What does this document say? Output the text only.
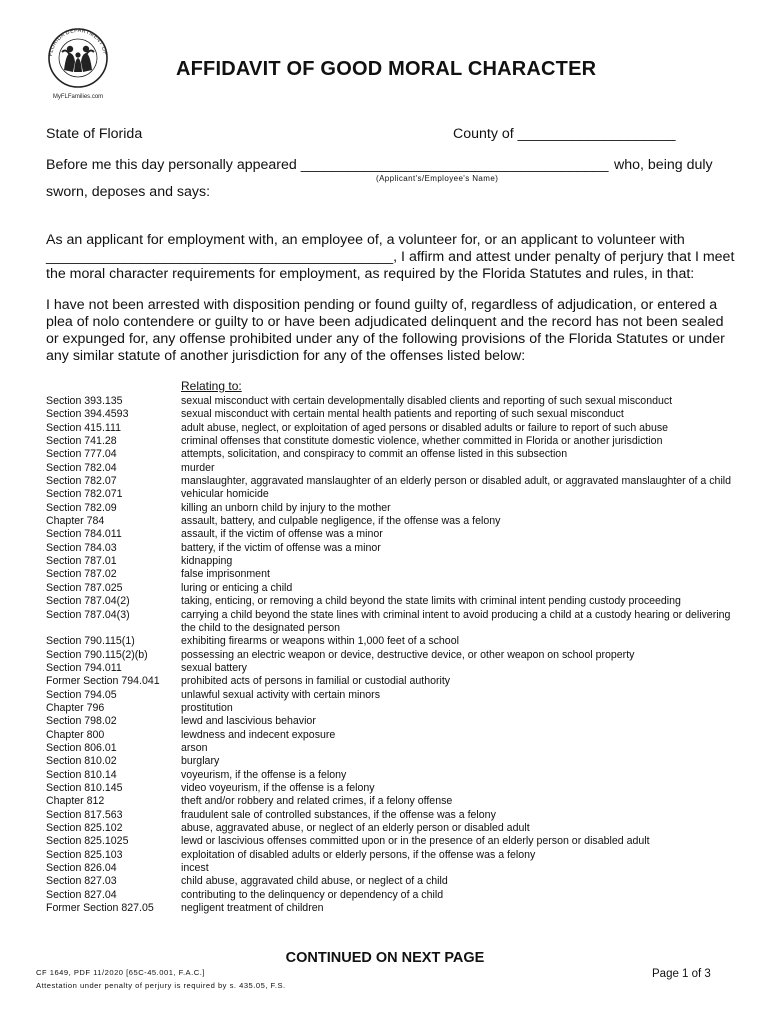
FLORIDA DEPARTMENT OF
MyFLFamilies.com
AFFIDAVIT OF GOOD MORAL CHARACTER
State of Florida	County of ____________________
Before me this day personally appeared _______________________________________ who, being duly
(Applicant's/Employee's Name)
sworn, deposes and says:
As an applicant for employment with, an employee of, a volunteer for, or an applicant to volunteer with ____________________________________________, I affirm and attest under penalty of perjury that I meet the moral character requirements for employment, as required by the Florida Statutes and rules, in that:
I have not been arrested with disposition pending or found guilty of, regardless of adjudication, or entered a plea of nolo contendere or guilty to or have been adjudicated delinquent and the record has not been sealed or expunged for, any offense prohibited under any of the following provisions of the Florida Statutes or under any similar statute of another jurisdiction for any of the offenses listed below:
Relating to:
Section 393.135	sexual misconduct with certain developmentally disabled clients and reporting of such sexual misconduct
Section 394.4593	sexual misconduct with certain mental health patients and reporting of such sexual misconduct
Section 415.111	adult abuse, neglect, or exploitation of aged persons or disabled adults or failure to report of such abuse
Section 741.28	criminal offenses that constitute domestic violence, whether committed in Florida or another jurisdiction
Section 777.04	attempts, solicitation, and conspiracy to commit an offense listed in this subsection
Section 782.04	murder
Section 782.07	manslaughter, aggravated manslaughter of an elderly person or disabled adult, or aggravated manslaughter of a child
Section 782.071	vehicular homicide
Section 782.09	killing an unborn child by injury to the mother
Chapter 784	assault, battery, and culpable negligence, if the offense was a felony
Section 784.011	assault, if the victim of offense was a minor
Section 784.03	battery, if the victim of offense was a minor
Section 787.01	kidnapping
Section 787.02	false imprisonment
Section 787.025	luring or enticing a child
Section 787.04(2)	taking, enticing, or removing a child beyond the state limits with criminal intent pending custody proceeding
Section 787.04(3)	carrying a child beyond the state lines with criminal intent to avoid producing a child at a custody hearing or delivering the child to the designated person
Section 790.115(1)	exhibiting firearms or weapons within 1,000 feet of a school
Section 790.115(2)(b)	possessing an electric weapon or device, destructive device, or other weapon on school property
Section 794.011	sexual battery
Former Section 794.041	prohibited acts of persons in familial or custodial authority
Section 794.05	unlawful sexual activity with certain minors
Chapter 796	prostitution
Section 798.02	lewd and lascivious behavior
Chapter 800	lewdness and indecent exposure
Section 806.01	arson
Section 810.02	burglary
Section 810.14	voyeurism, if the offense is a felony
Section 810.145	video voyeurism, if the offense is a felony
Chapter 812	theft and/or robbery and related crimes, if a felony offense
Section 817.563	fraudulent sale of controlled substances, if the offense was a felony
Section 825.102	abuse, aggravated abuse, or neglect of an elderly person or disabled adult
Section 825.1025	lewd or lascivious offenses committed upon or in the presence of an elderly person or disabled adult
Section 825.103	exploitation of disabled adults or elderly persons, if the offense was a felony
Section 826.04	incest
Section 827.03	child abuse, aggravated child abuse, or neglect of a child
Section 827.04	contributing to the delinquency or dependency of a child
Former Section 827.05	negligent treatment of children
CONTINUED ON NEXT PAGE
CF 1649, PDF 11/2020 [65C-45.001, F.A.C.]
Attestation under penalty of perjury is required by s. 435.05, F.S.
Page 1 of 3
